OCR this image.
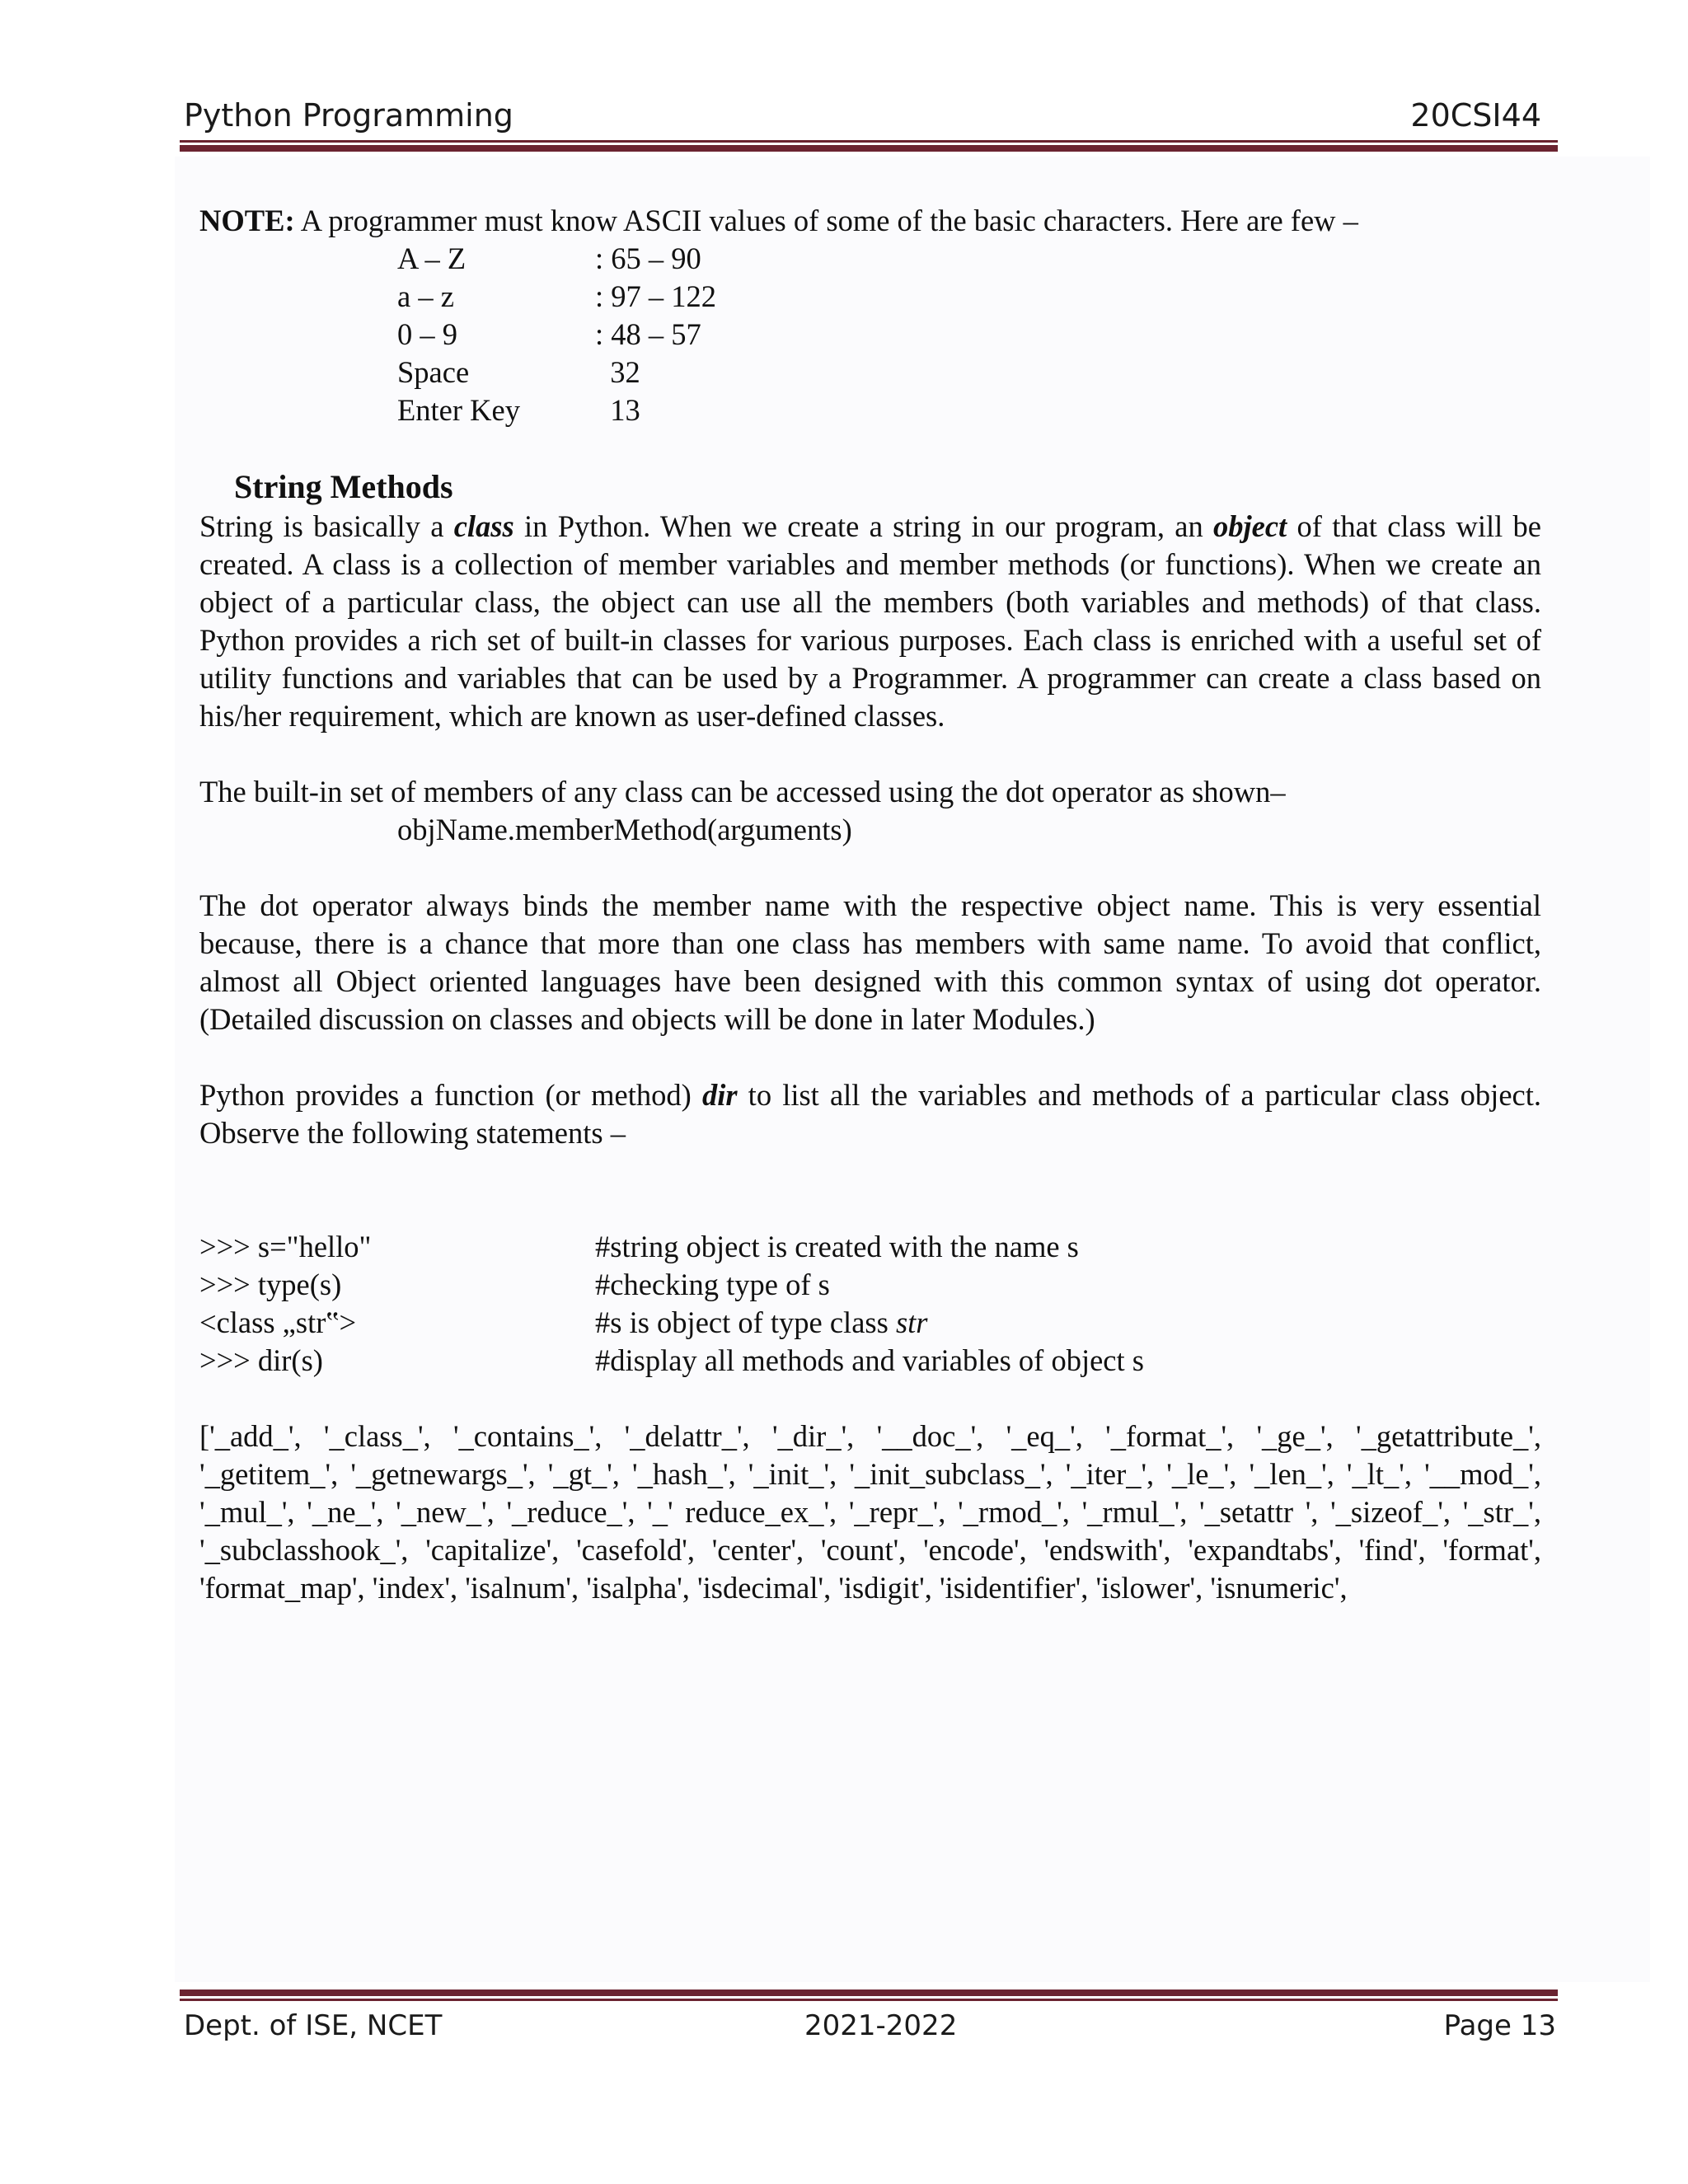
Python Programming	20CSI44

NOTE: A programmer must know ASCII values of some of the basic characters. Here are few –

A – Z	: 65 – 90
a – z	: 97 – 122
0 – 9	: 48 – 57
Space	32
Enter Key	13
String Methods

String is basically a class in Python. When we create a string in our program, an object of that class will be created. A class is a collection of member variables and member methods (or functions). When we create an object of a particular class, the object can use all the members (both variables and methods) of that class. Python provides a rich set of built-in classes for various purposes. Each class is enriched with a useful set of utility functions and variables that can be used by a Programmer. A programmer can create a class based on his/her requirement, which are known as user-defined classes.

The built-in set of members of any class can be accessed using the dot operator as shown–

objName.memberMethod(arguments)

The dot operator always binds the member name with the respective object name. This is very essential because, there is a chance that more than one class has members with same name. To avoid that conflict, almost all Object oriented languages have been designed with this common syntax of using dot operator. (Detailed discussion on classes and objects will be done in later Modules.)

Python provides a function (or method) dir to list all the variables and methods of a particular class object. Observe the following statements –

>>> s="hello"	#string object is created with the name s
>>> type(s)	#checking type of s
<class „str‟>	#s is object of type class str
>>> dir(s)	#display all methods and variables of object s

['_add_', '_class_', '_contains_', '_delattr_', '_dir_', '__doc_', '_eq_', '_format_', '_ge_', '_getattribute_', '_getitem_', '_getnewargs_', '_gt_', '_hash_', '_init_', '_init_subclass_', '_iter_', '_le_', '_len_', '_lt_', '__mod_', '_mul_', '_ne_', '_new_', '_reduce_', '_' reduce_ex_', '_repr_', '_rmod_', '_rmul_', '_setattr ', '_sizeof_', '_str_', '_subclasshook_', 'capitalize', 'casefold', 'center', 'count', 'encode', 'endswith', 'expandtabs', 'find', 'format', 'format_map', 'index', 'isalnum', 'isalpha', 'isdecimal', 'isdigit', 'isidentifier', 'islower', 'isnumeric',

Dept. of ISE, NCET	2021-2022	Page 13
